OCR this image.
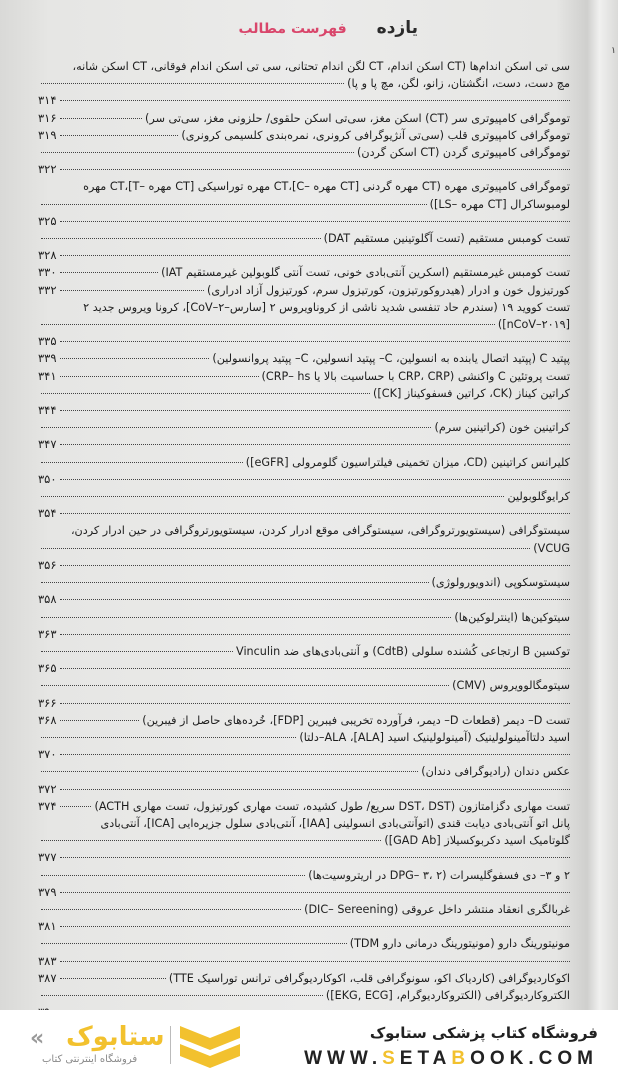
یازده
فهرست مطالب
۱
سی تی اسکن اندام‌ها (CT اسکن اندام، CT لگن اندام تحتانی، سی تی اسکن اندام فوقانی، CT اسکن شانه،
مچ دست، دست، انگشتان، زانو، لگن، مچ پا و پا)
۳۱۴
توموگرافی کامپیوتری سر (CT) اسکن مغز، سی‌تی اسکن حلقوی/ حلزونی مغز، سی‌تی سر)
۳۱۶
توموگرافی کامپیوتری قلب (سی‌تی آنژیوگرافی کرونری، نمره‌بندی کلسیمی کرونری)
۳۱۹
توموگرافی کامپیوتری گردن (CT اسکن گردن)
۳۲۲
توموگرافی کامپیوتری مهره (CT مهره گردنی [CT مهره –C]،CT مهره توراسیکی [CT مهره –T]،CT مهره
لومبوساکرال [CT مهره –LS])
۳۲۵
تست کومبس مستقیم (تست آگلوتینین مستقیم DAT)
۳۲۸
تست کومبس غیرمستقیم (اسکرین آنتی‌بادی خونی، تست آنتی گلوبولین غیرمستقیم IAT)
۳۳۰
کورتیزول خون و ادرار (هیدروکورتیزون، کورتیزول سرم، کورتیزول آزاد ادراری)
۳۳۲
تست کووید ۱۹ (سندرم حاد تنفسی شدید ناشی از کروناویروس ۲ [سارس–۲–CoV]، کرونا ویروس جدید ۲
[۲۰۱۹–nCoV])
۳۳۵
پپتید C (پپتید اتصال یابنده به انسولین، C– پپتید انسولین، C– پپتید پروانسولین)
۳۳۹
تست پروتئین C واکنشی (CRP، CRP با حساسیت بالا یا CRP– hs)
۳۴۱
کراتین کیناز (CK، کراتین فسفوکیناز [CK])
۳۴۴
کراتینین خون (کراتینین سرم)
۳۴۷
کلیرانس کراتینین (CD، میزان تخمینی فیلتراسیون گلومرولی [eGFR])
۳۵۰
کرایوگلوبولین
۳۵۴
سیستوگرافی (سیستویورتروگرافی، سیستوگرافی موقع ادرار کردن، سیستویورتروگرافی در حین ادرار کردن،
VCUG)
۳۵۶
سیستوسکوپی (اندویورولوژی)
۳۵۸
سیتوکین‌ها (اینترلوکین‌ها)
۳۶۳
توکسین B ارتجاعی کُشنده سلولی (CdtB) و آنتی‌بادی‌های ضد Vinculin
۳۶۵
سیتومگالوویروس (CMV)
۳۶۶
تست D– دیمر (قطعات D– دیمر، فرآورده تخریبی فیبرین [FDP]، خُرده‌های حاصل از فیبرین)
۳۶۸
اسید دلتاآمینولولینیک (آمینولولینیک اسید [ALA]، ALA–دلتا)
۳۷۰
عکس دندان (رادیوگرافی دندان)
۳۷۲
تست مهاری دگزامتازون (DST، DST سریع/ طول کشیده، تست مهاری کورتیزول، تست مهاری ACTH)
۳۷۴
پانل اتو آنتی‌بادی دیابت قندی (اتوآنتی‌بادی انسولینی [IAA]، آنتی‌بادی سلول جزیره‌ایی [ICA]، آنتی‌بادی
گلوتامیک اسید دکربوکسیلاز [GAD Ab])
۳۷۷
۲ و ۳– دی فسفوگلیسرات (DPG– ۳، ۲ در اریتروسیت‌ها)
۳۷۹
غربالگری انعقاد منتشر داخل عروقی (DIC– Sereening)
۳۸۱
مونیتورینگ دارو (مونیتورینگ درمانی دارو TDM)
۳۸۳
اکوکاردیوگرافی (کاردیاک اکو، سونوگرافی قلب، اکوکاردیوگرافی ترانس توراسیک TTE)
۳۸۷
الکتروکاردیوگرافی (الکتروکاردیوگرام، [EKG, ECG])
« ستابوک
فروشگاه اینترنتی کتاب
فروشگاه کتاب پزشکی ستابوک
WWW.SETABOOK.COM
